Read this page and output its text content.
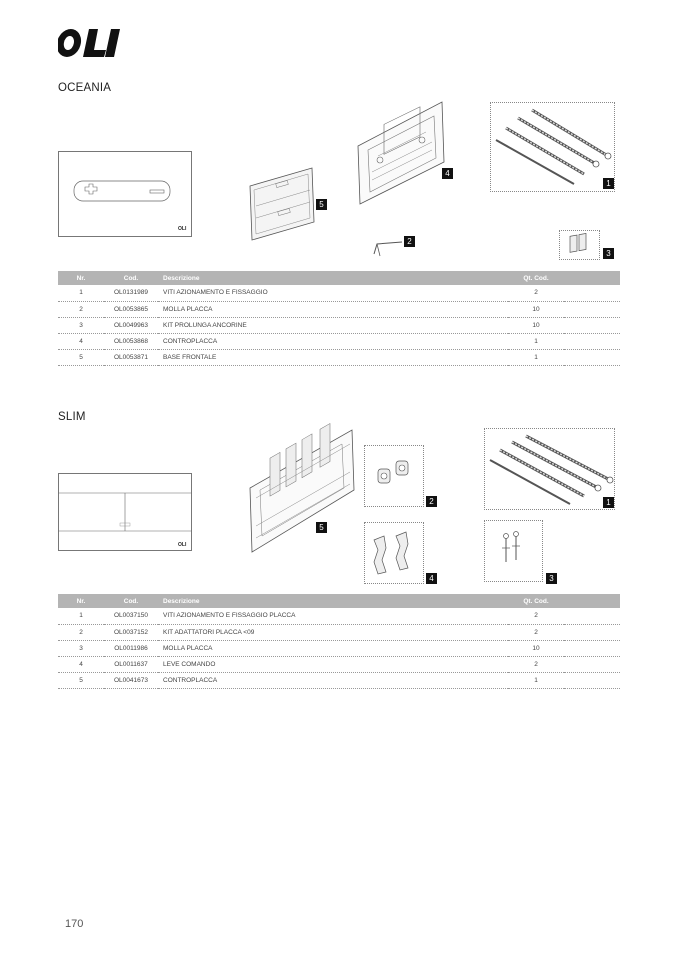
OCEANIA
OLI
5
4
1
2
3
Nr.	Cod.	Descrizione	Qt. Cod.	
1	OL0131989	VITI AZIONAMENTO E FISSAGGIO	2	
2	OL0053865	MOLLA PLACCA	10	
3	OL0049963	KIT PROLUNGA ANCORINE	10	
4	OL0053868	CONTROPLACCA	1	
5	OL0053871	BASE FRONTALE	1	
SLIM
OLI
5
2
4
1
3
Nr.	Cod.	Descrizione	Qt. Cod.	
1	OL0037150	VITI AZIONAMENTO E FISSAGGIO PLACCA	2	
2	OL0037152	KIT ADATTATORI PLACCA <09	2	
3	OL0011986	MOLLA PLACCA	10	
4	OL0011637	LEVE COMANDO	2	
5	OL0041673	CONTROPLACCA	1	
170
